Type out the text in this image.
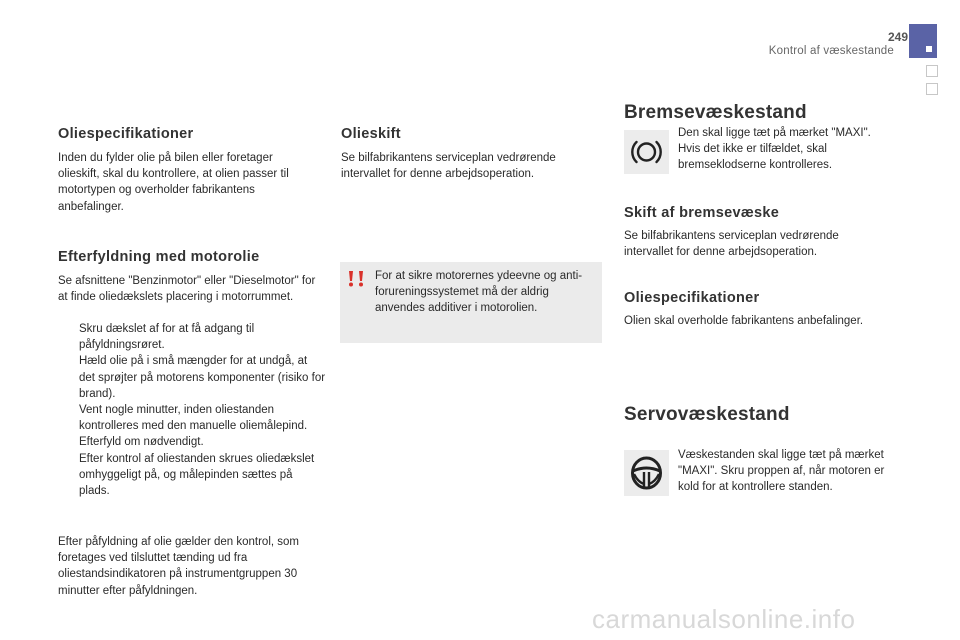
249
Kontrol af væskestande
Oliespecifikationer

Inden du fylder olie på bilen eller foretager olieskift, skal du kontrollere, at olien passer til motortypen og overholder fabrikantens anbefalinger.

Efterfyldning med motorolie

Se afsnittene "Benzinmotor" eller "Dieselmotor" for at finde oliedækslets placering i motorrummet.

Skru dækslet af for at få adgang til påfyldningsrøret.
Hæld olie på i små mængder for at undgå, at det sprøjter på motorens komponenter (risiko for brand).
Vent nogle minutter, inden oliestanden kontrolleres med den manuelle oliemålepind.
Efterfyld om nødvendigt.
Efter kontrol af oliestanden skrues oliedækslet omhyggeligt på, og målepinden sættes på plads.

Efter påfyldning af olie gælder den kontrol, som foretages ved tilsluttet tænding ud fra oliestandsindikatoren på instrumentgruppen 30 minutter efter påfyldningen.

Olieskift

Se bilfabrikantens serviceplan vedrørende intervallet for denne arbejdsoperation.

For at sikre motorernes ydeevne og anti-forureningssystemet må der aldrig anvendes additiver i motorolien.

Bremsevæskestand

Den skal ligge tæt på mærket "MAXI". Hvis det ikke er tilfældet, skal bremseklodserne kontrolleres.

Skift af bremsevæske

Se bilfabrikantens serviceplan vedrørende intervallet for denne arbejdsoperation.

Oliespecifikationer

Olien skal overholde fabrikantens anbefalinger.

Servovæskestand

Væskestanden skal ligge tæt på mærket "MAXI". Skru proppen af, når motoren er kold for at kontrollere standen.

carmanualsonline.info
